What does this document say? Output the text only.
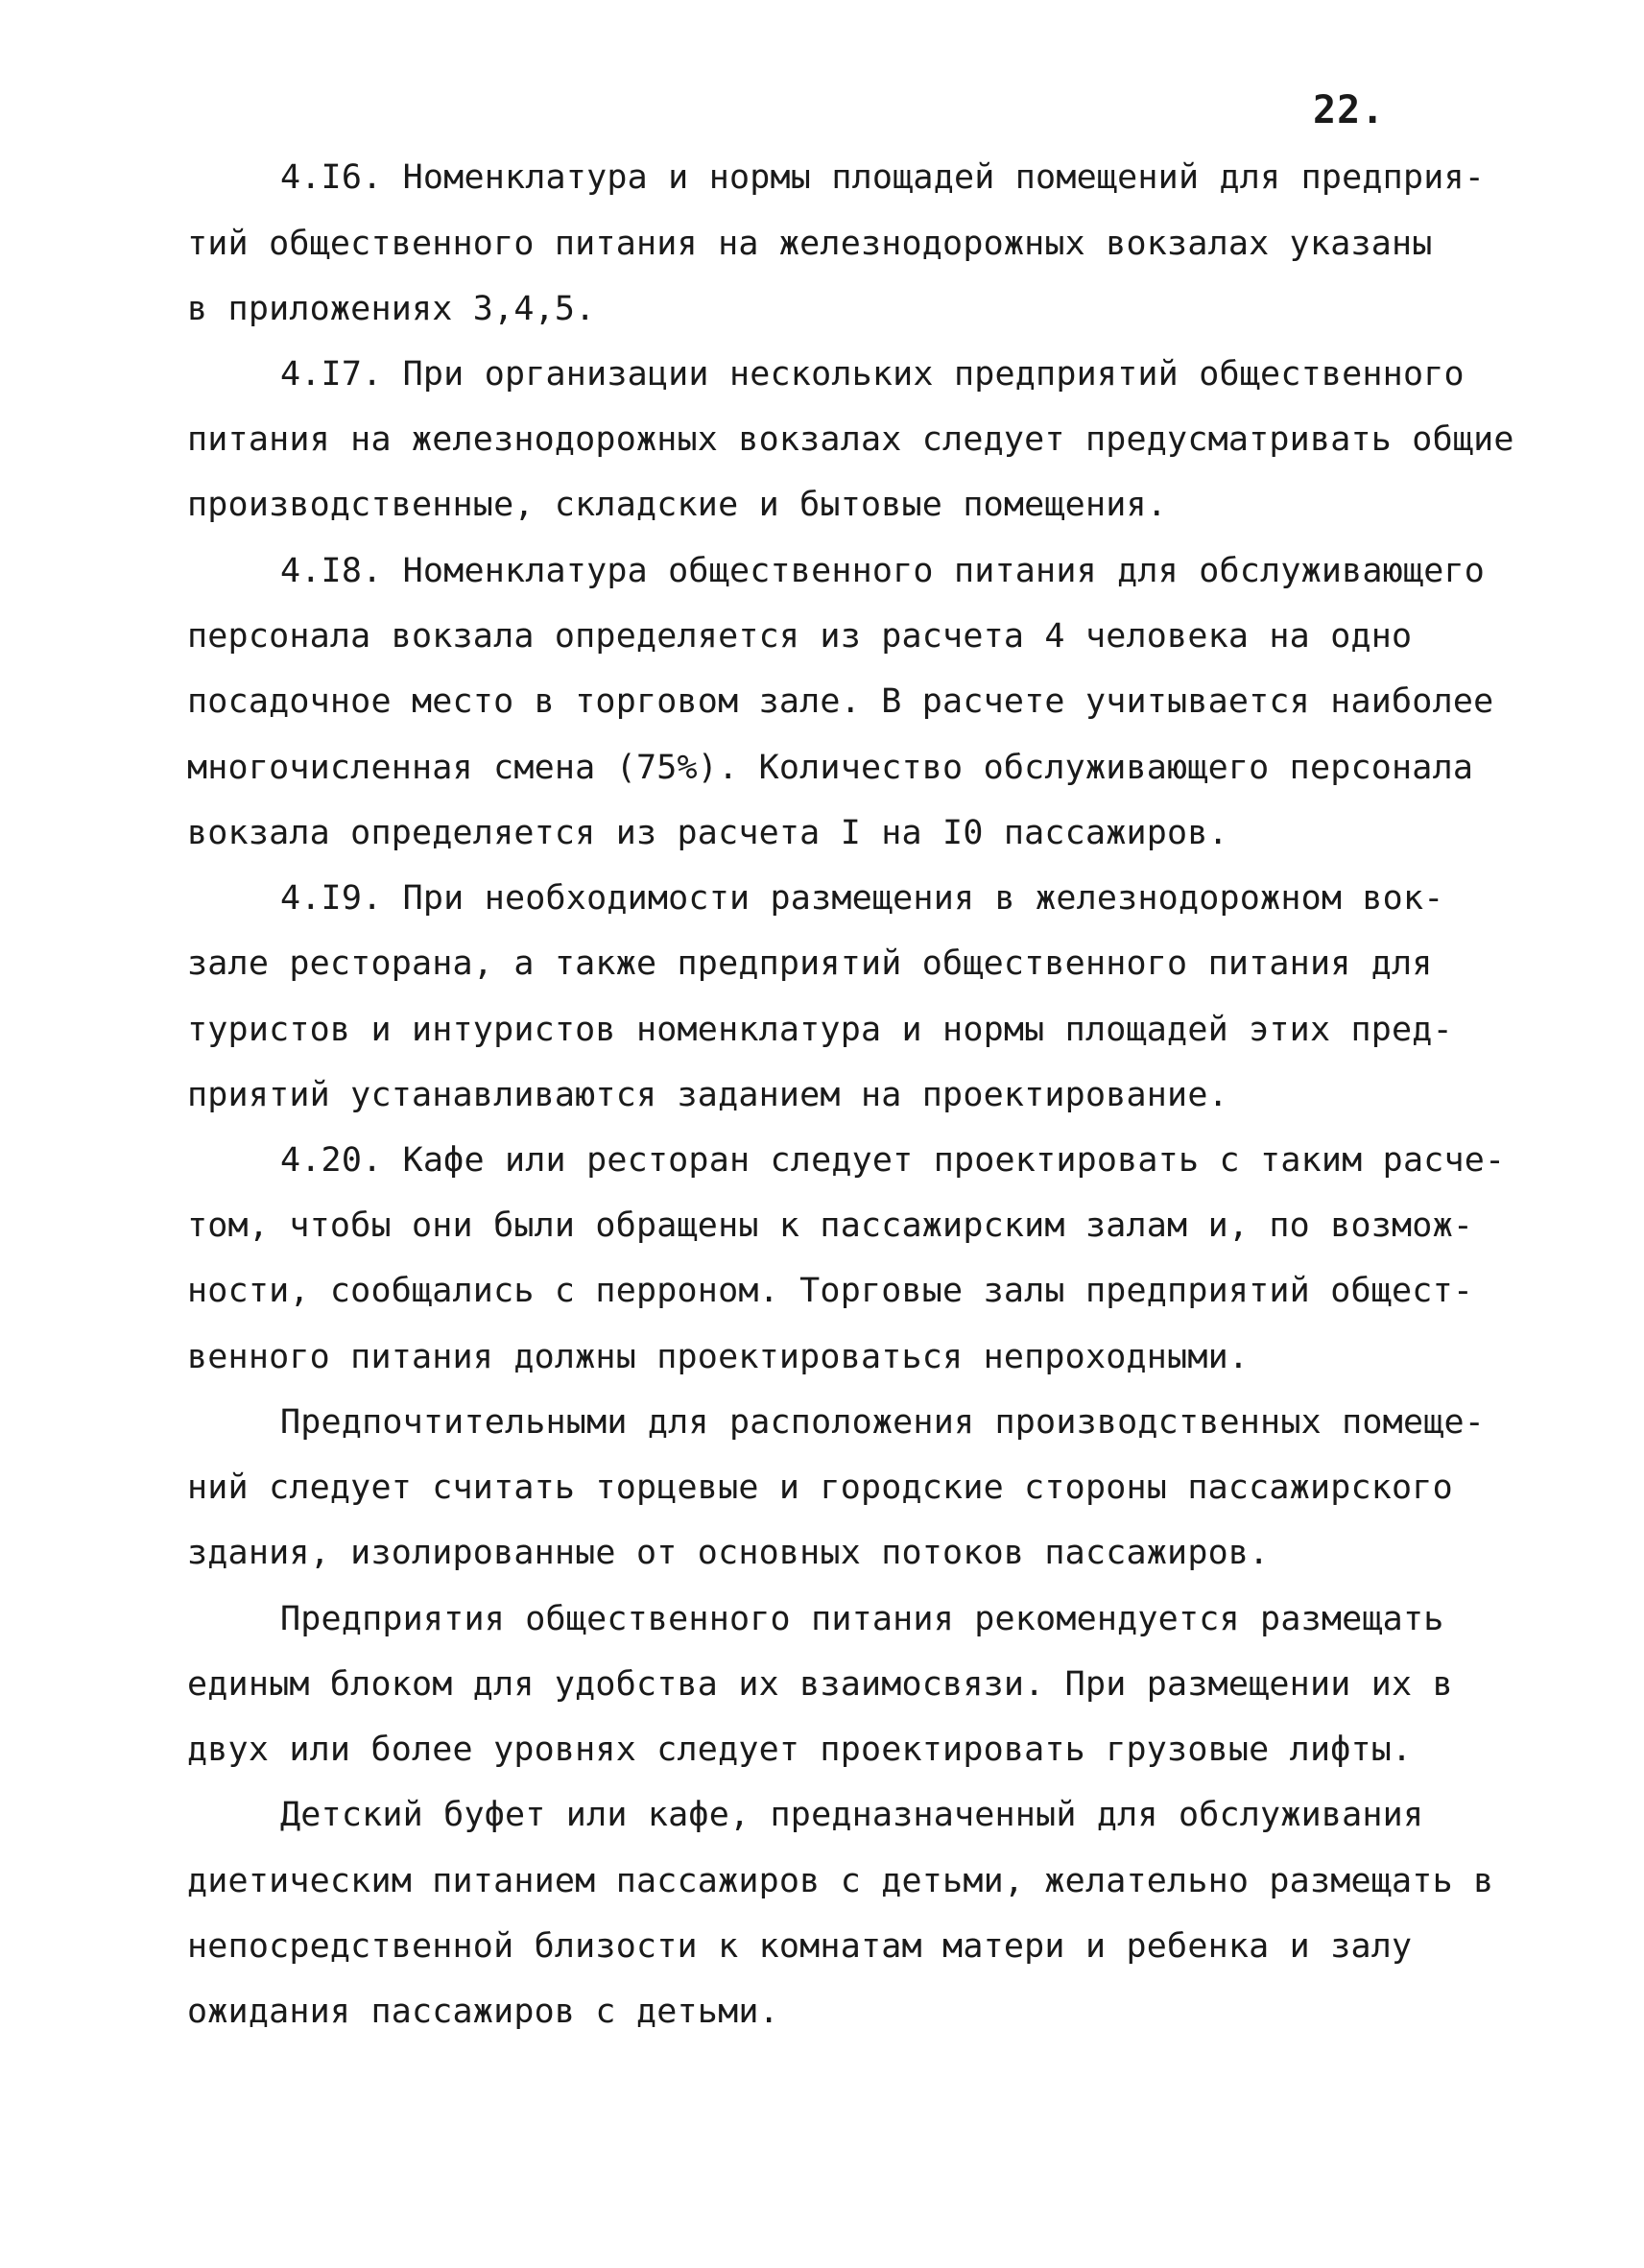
22.
4.I6. Номенклатура и нормы площадей помещений для предприя-
тий общественного питания на железнодорожных вокзалах указаны
в приложениях 3,4,5.
4.I7. При организации нескольких предприятий общественного
питания на железнодорожных вокзалах следует предусматривать общие
производственные, складские и бытовые помещения.
4.I8. Номенклатура общественного питания для обслуживающего
персонала вокзала определяется из расчета 4 человека на одно
посадочное место в торговом зале. В расчете учитывается наиболее
многочисленная смена (75%). Количество обслуживающего персонала
вокзала определяется из расчета I на I0 пассажиров.
4.I9. При необходимости размещения в железнодорожном вок-
зале ресторана, а также предприятий общественного питания для
туристов и интуристов номенклатура и нормы площадей этих пред-
приятий устанавливаются заданием на проектирование.
4.20. Кафе или ресторан следует проектировать с таким расче-
том, чтобы они были обращены к пассажирским залам и, по возмож-
ности, сообщались с перроном. Торговые залы предприятий общест-
венного питания должны проектироваться непроходными.
Предпочтительными для расположения производственных помеще-
ний следует считать торцевые и городские стороны пассажирского
здания, изолированные от основных потоков пассажиров.
Предприятия общественного питания рекомендуется размещать
единым блоком для удобства их взаимосвязи. При размещении их в
двух или более уровнях следует проектировать грузовые лифты.
Детский буфет или кафе, предназначенный для обслуживания
диетическим питанием пассажиров с детьми, желательно размещать в
непосредственной близости к комнатам матери и ребенка и залу
ожидания пассажиров с детьми.
